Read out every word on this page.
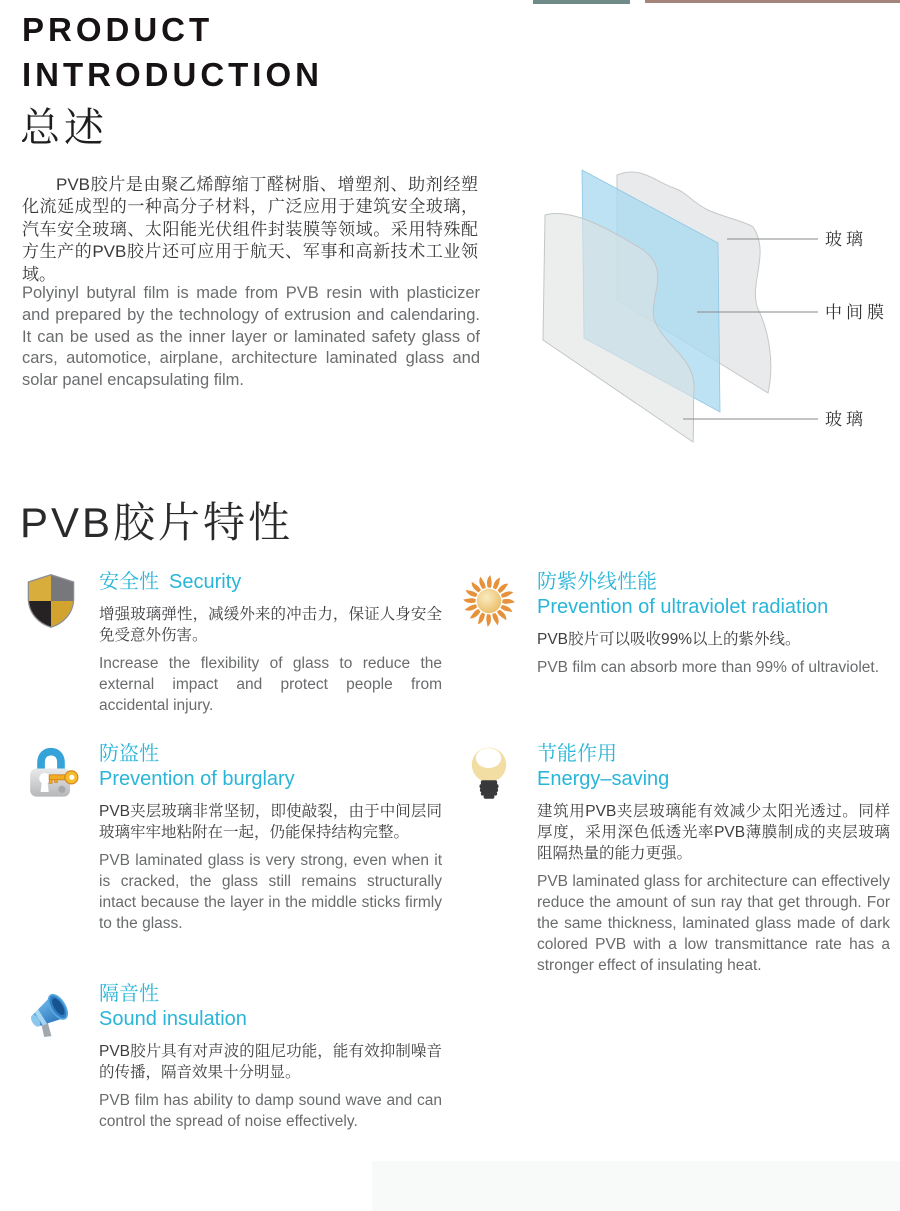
PRODUCT INTRODUCTION
总述
PVB胶片是由聚乙烯醇缩丁醛树脂、增塑剂、助剂经塑化流延成型的一种高分子材料，广泛应用于建筑安全玻璃，汽车安全玻璃、太阳能光伏组件封装膜等领域。采用特殊配方生产的PVB胶片还可应用于航天、军事和高新技术工业领域。
Polyinyl butyral film is made from PVB resin with plasticizer and prepared by the technology of extrusion and calendaring. It can be used as the inner layer or laminated safety glass of cars, automotice, airplane, architecture laminated glass and solar panel encapsulating film.
玻璃
中间膜
玻璃
PVB胶片特性
安全性 Security
增强玻璃弹性，减缓外来的冲击力，保证人身安全免受意外伤害。
Increase the flexibility of glass to reduce the external impact and protect people from accidental injury.
防紫外线性能
Prevention of ultraviolet radiation
PVB胶片可以吸收99%以上的紫外线。
PVB film can absorb more than 99% of ultraviolet.
防盗性
Prevention of burglary
PVB夹层玻璃非常坚韧，即使敲裂，由于中间层同玻璃牢牢地粘附在一起，仍能保持结构完整。
PVB laminated glass is very strong, even when it is cracked, the glass still remains structurally intact because the layer in the middle sticks firmly to the glass.
节能作用
Energy–saving
建筑用PVB夹层玻璃能有效减少太阳光透过。同样厚度，采用深色低透光率PVB薄膜制成的夹层玻璃阻隔热量的能力更强。
PVB laminated glass for architecture can effectively reduce the amount of sun ray that get through. For the same thickness, laminated glass made of dark colored PVB with a low transmittance rate has a stronger effect of insulating heat.
隔音性
Sound insulation
PVB胶片具有对声波的阻尼功能，能有效抑制噪音的传播，隔音效果十分明显。
PVB film has ability to damp sound wave and can control the spread of noise effectively.
